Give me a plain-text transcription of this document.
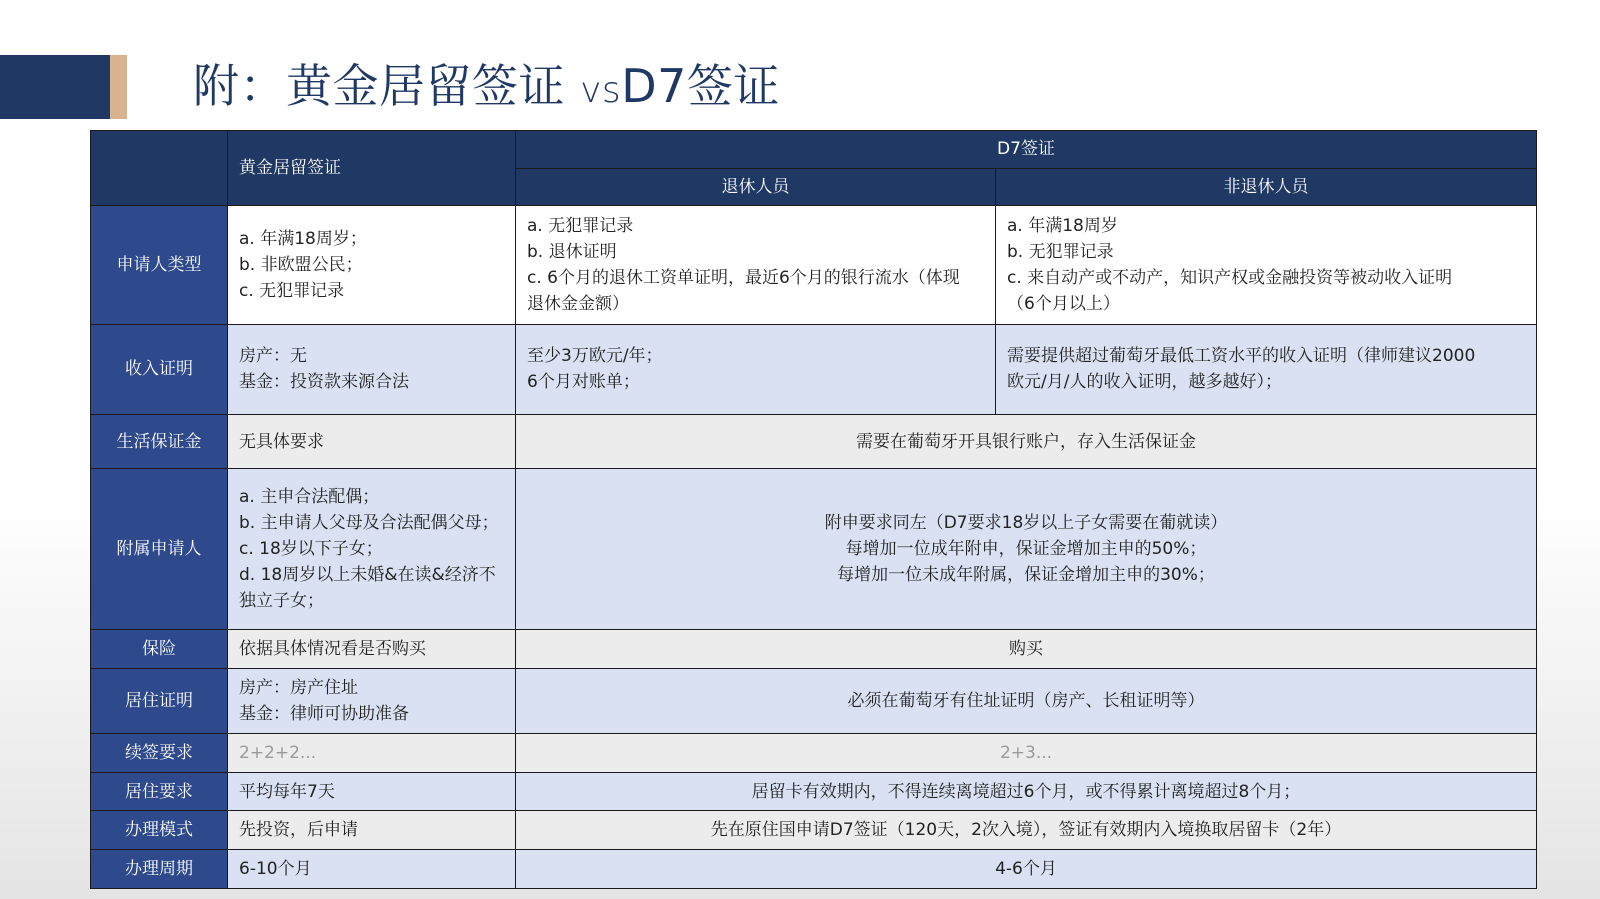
附：黄金居留签证 vsD7签证
	黄金居留签证	D7签证	
		退休人员	非退休人员
申请人类型	a. 年满18周岁；
b. 非欧盟公民；
c. 无犯罪记录	a. 无犯罪记录
b. 退休证明
c. 6个月的退休工资单证明，最近6个月的银行流水（体现
退休金金额）	a. 年满18周岁
b. 无犯罪记录
c. 来自动产或不动产，知识产权或金融投资等被动收入证明
（6个月以上）

收入证明	房产：无
基金：投资款来源合法	至少3万欧元/年；
6个月对账单；	需要提供超过葡萄牙最低工资水平的收入证明（律师建议2000
欧元/月/人的收入证明，越多越好）；

生活保证金	无具体要求	需要在葡萄牙开具银行账户，存入生活保证金	
附属申请人	a. 主申合法配偶；
b. 主申请人父母及合法配偶父母；
c. 18岁以下子女；
d. 18周岁以上未婚&在读&经济不
独立子女；	附申要求同左（D7要求18岁以上子女需要在葡就读）
每增加一位成年附申，保证金增加主申的50%；
每增加一位未成年附属，保证金增加主申的30%；	

保险	依据具体情况看是否购买	购买	
居住证明	房产：房产住址
基金：律师可协助准备	必须在葡萄牙有住址证明（房产、长租证明等）	
续签要求	2+2+2...	2+3...	
居住要求	平均每年7天	居留卡有效期内，不得连续离境超过6个月，或不得累计离境超过8个月；	
办理模式	先投资，后申请	先在原住国申请D7签证（120天，2次入境），签证有效期内入境换取居留卡（2年）	
办理周期	6-10个月	4-6个月	
